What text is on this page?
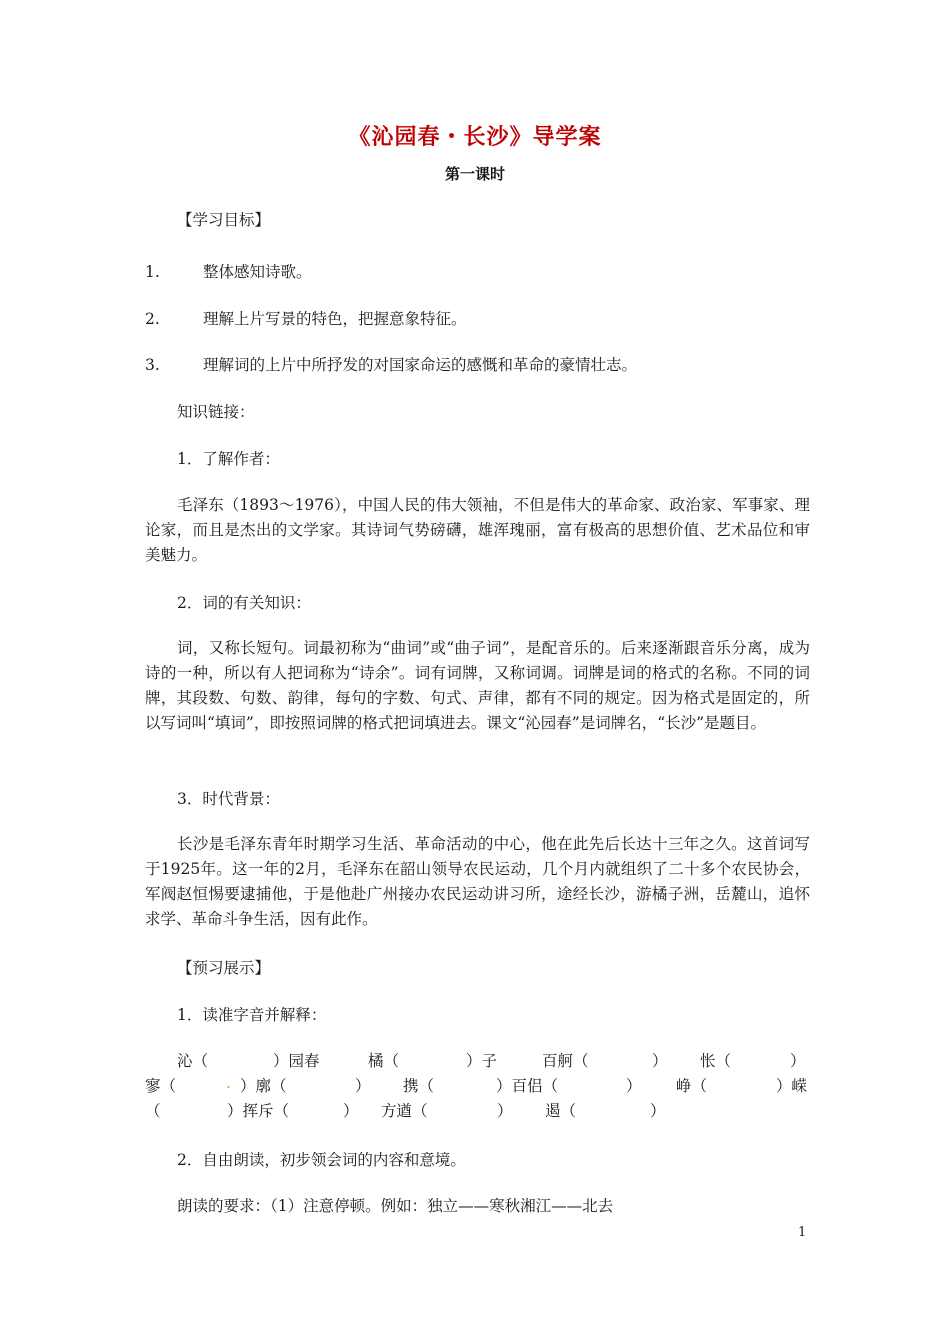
《沁园春・长沙》导学案
第一课时
【学习目标】
1.	整体感知诗歌。
2.	理解上片写景的特色，把握意象特征。
3.	理解词的上片中所抒发的对国家命运的感慨和革命的豪情壮志。
知识链接：
1．了解作者：
毛泽东（1893～1976），中国人民的伟大领袖，不但是伟大的革命家、政治家、军事家、理论家，而且是杰出的文学家。其诗词气势磅礴，雄浑瑰丽，富有极高的思想价值、艺术品位和审美魅力。
2．词的有关知识：
词，又称长短句。词最初称为“曲词”或“曲子词”，是配音乐的。后来逐渐跟音乐分离，成为诗的一种，所以有人把词称为“诗余”。词有词牌，又称词调。词牌是词的格式的名称。不同的词牌，其段数、句数、韵律，每句的字数、句式、声律，都有不同的规定。因为格式是固定的，所以写词叫“填词”，即按照词牌的格式把词填进去。课文“沁园春”是词牌名，“长沙”是题目。
3．时代背景：
长沙是毛泽东青年时期学习生活、革命活动的中心，他在此先后长达十三年之久。这首词写于1925年。这一年的2月，毛泽东在韶山领导农民运动，几个月内就组织了二十多个农民协会，军阀赵恒惕要逮捕他，于是他赴广州接办农民运动讲习所，途经长沙，游橘子洲，岳麓山，追怀求学、革命斗争生活，因有此作。
【预习展示】
1．读准字音并解释：
沁（	）园春	橘（	）子	百舸（	） 怅（	）
寥（	. ）廓（	） 携（	）百侣（	） 峥（	）嵘
（	）挥斥（	） 方遒（	） 遏（	）
2．自由朗读，初步领会词的内容和意境。
朗读的要求：（1）注意停顿。例如：独立——寒秋湘江——北去
1
